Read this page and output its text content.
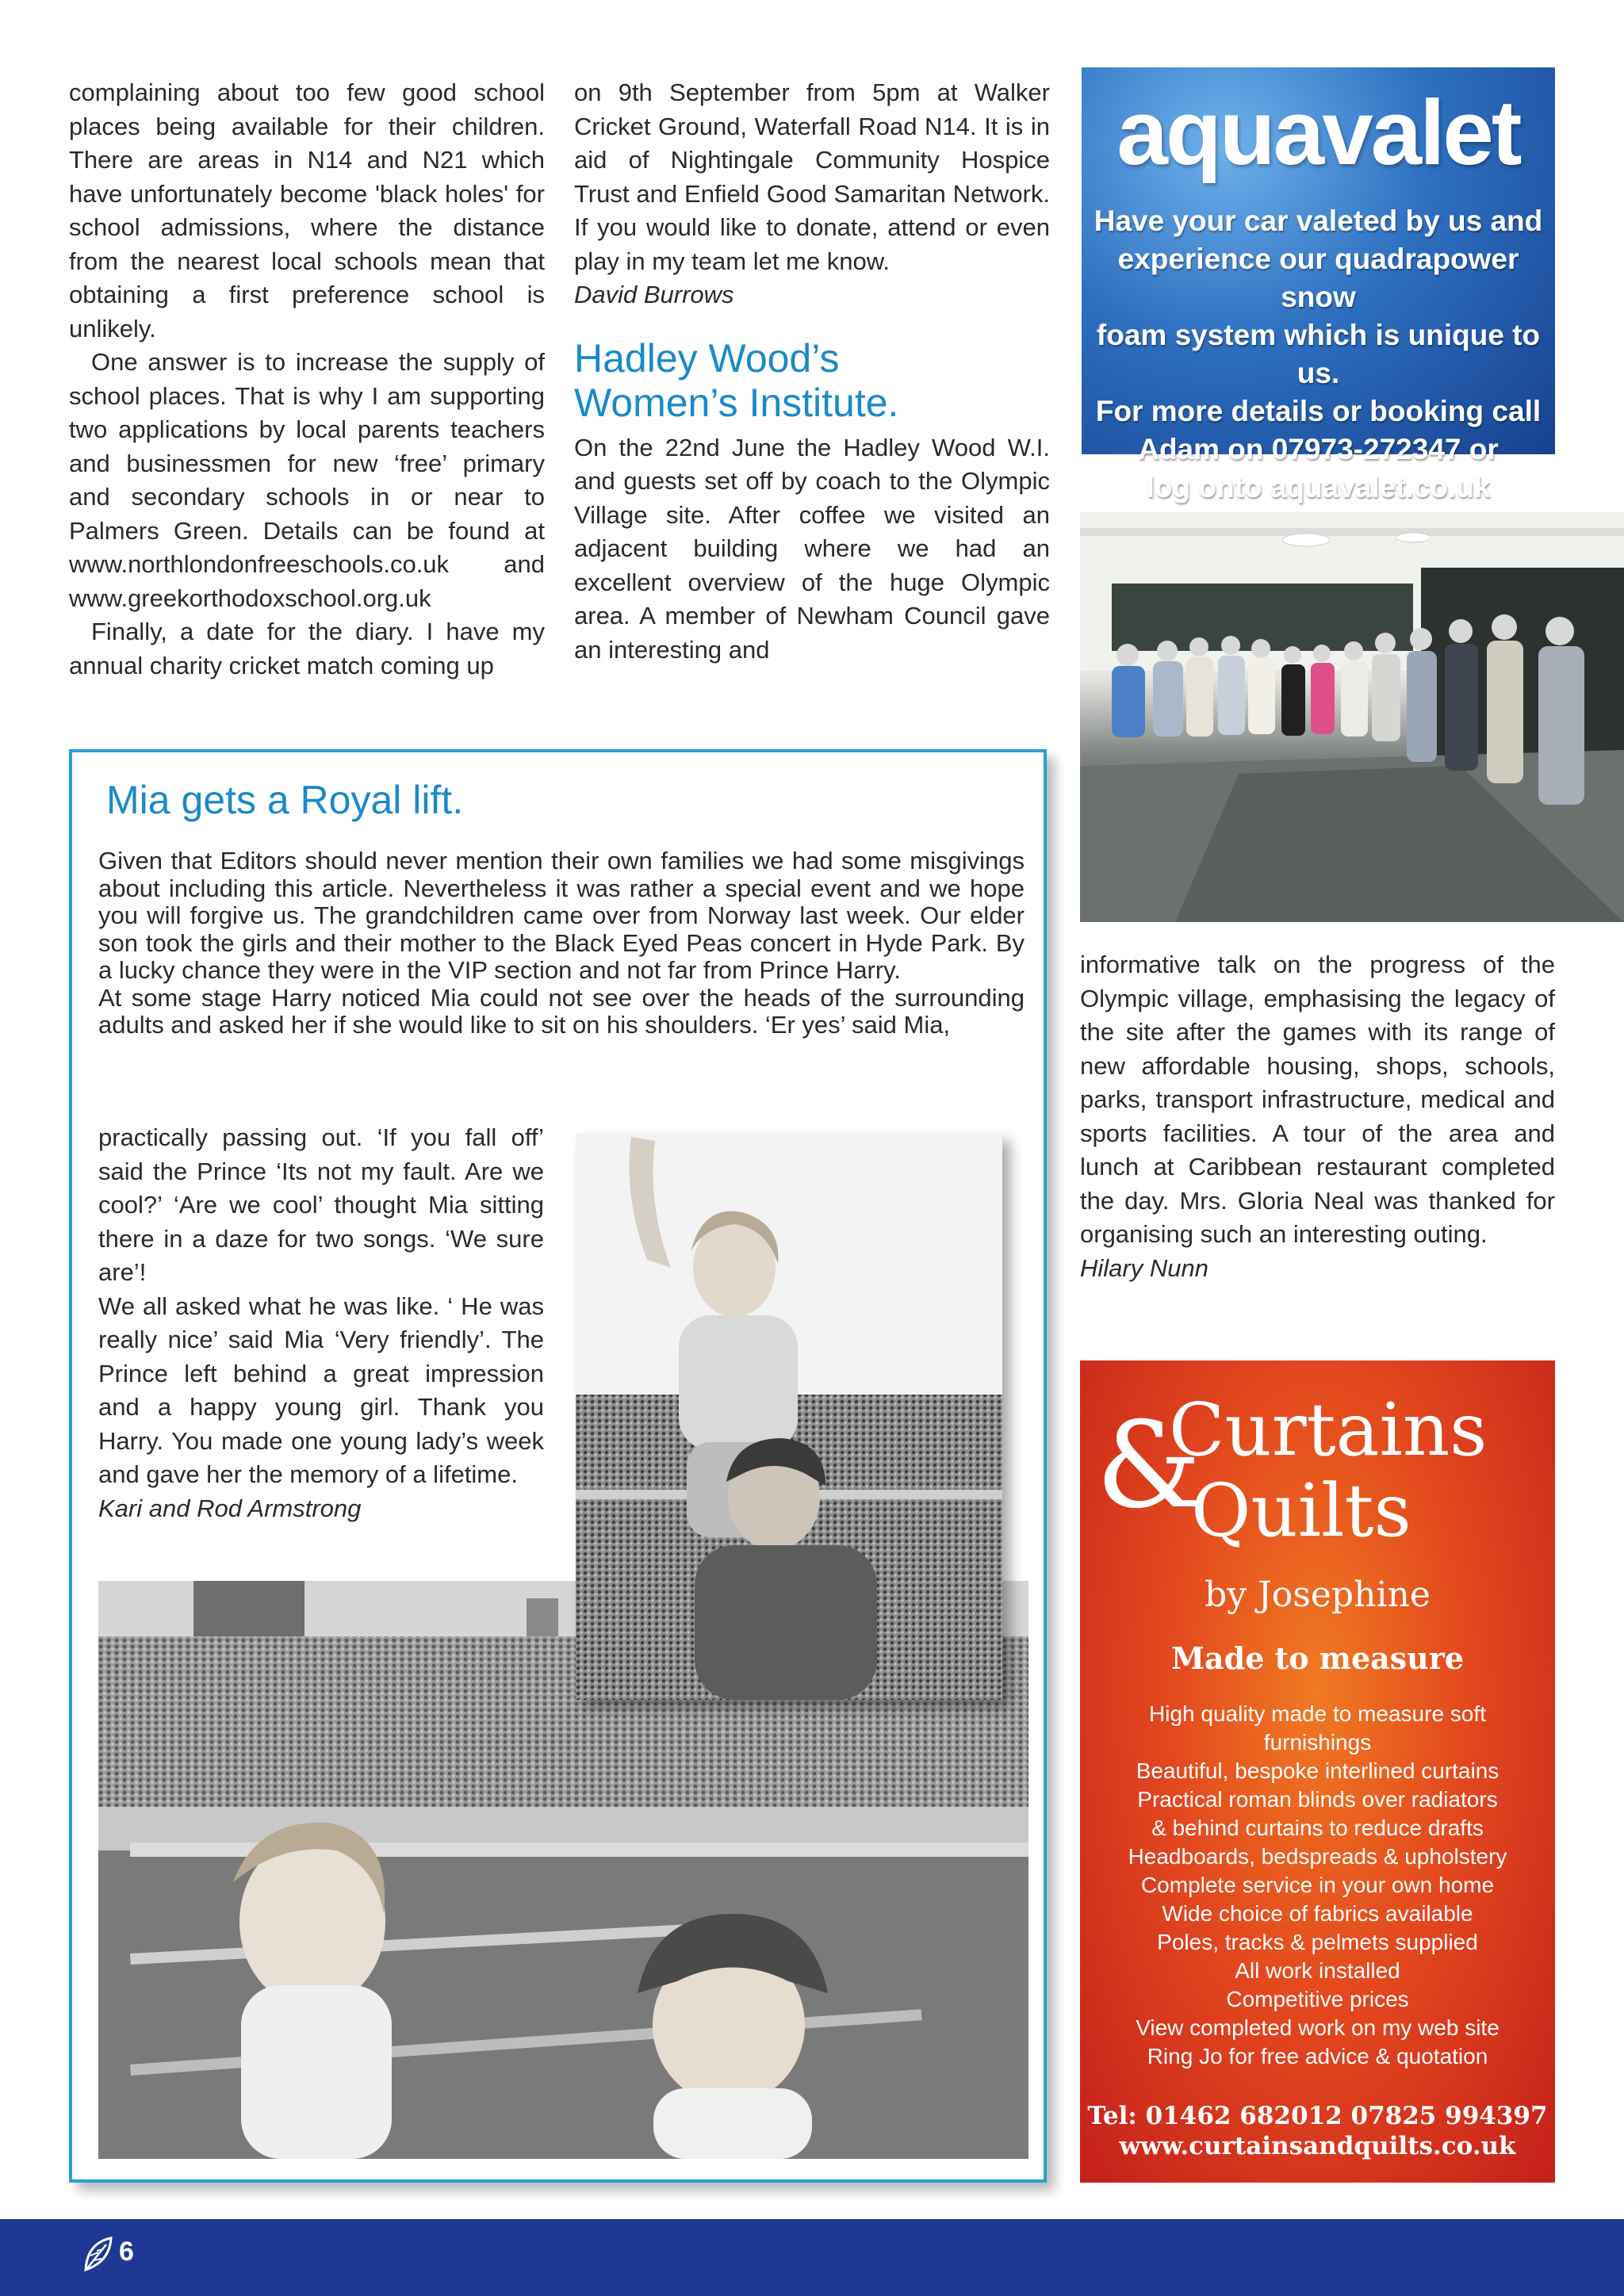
complaining about too few good school places being available for their children. There are areas in N14 and N21 which have unfortunately become 'black holes' for school admissions, where the distance from the nearest local schools mean that obtaining a first preference school is unlikely.

One answer is to increase the supply of school places. That is why I am supporting two applications by local parents teachers and businessmen for new ‘free’ primary and secondary schools in or near to Palmers Green. Details can be found at www.northlondonfreeschools.co.uk and www.greekorthodoxschool.org.uk

Finally, a date for the diary. I have my annual charity cricket match coming up

on 9th September from 5pm at Walker Cricket Ground, Waterfall Road N14. It is in aid of Nightingale Community Hospice Trust and Enfield Good Samaritan Network. If you would like to donate, attend or even play in my team let me know.

David Burrows

Hadley Wood’s
Women’s Institute.

On the 22nd June the Hadley Wood W.I. and guests set off by coach to the Olympic Village site. After coffee we visited an adjacent building where we had an excellent overview of the huge Olympic area. A member of Newham Council gave an interesting and

aquavalet
Have your car valeted by us and
experience our quadrapower snow
foam system which is unique to us.
For more details or booking call
Adam on 07973-272347 or
log onto aquavalet.co.uk

informative talk on the progress of the Olympic village, emphasising the legacy of the site after the games with its range of new affordable housing, shops, schools, parks, transport infrastructure, medical and sports facilities. A tour of the area and lunch at Caribbean restaurant completed the day. Mrs. Gloria Neal was thanked for organising such an interesting outing.

Hilary Nunn

Mia gets a Royal lift.
Given that Editors should never mention their own families we had some misgivings about including this article. Nevertheless it was rather a special event and we hope you will forgive us. The grandchildren came over from Norway last week. Our elder son took the girls and their mother to the Black Eyed Peas concert in Hyde Park. By a lucky chance they were in the VIP section and not far from Prince Harry.
At some stage Harry noticed Mia could not see over the heads of the surrounding adults and asked her if she would like to sit on his shoulders. ‘Er yes’ said Mia,

practically passing out. ‘If you fall off’ said the Prince ‘Its not my fault. Are we cool?’ ‘Are we cool’ thought Mia sitting there in a daze for two songs. ‘We sure are’!

We all asked what he was like. ‘ He was really nice’ said Mia ‘Very friendly’. The Prince left behind a great impression and a happy young girl. Thank you Harry. You made one young lady’s week and gave her the memory of a lifetime.

Kari and Rod Armstrong	&
Curtains
Quilts
by Josephine
Made to measure
High quality made to measure soft
furnishings
Beautiful, bespoke interlined curtains
Practical roman blinds over radiators
& behind curtains to reduce drafts
Headboards, bedspreads & upholstery
Complete service in your own home
Wide choice of fabrics available
Poles, tracks & pelmets supplied
All work installed
Competitive prices
View completed work on my web site
Ring Jo for free advice & quotation
Tel: 01462 682012 07825 994397
www.curtainsandquilts.co.uk
6
